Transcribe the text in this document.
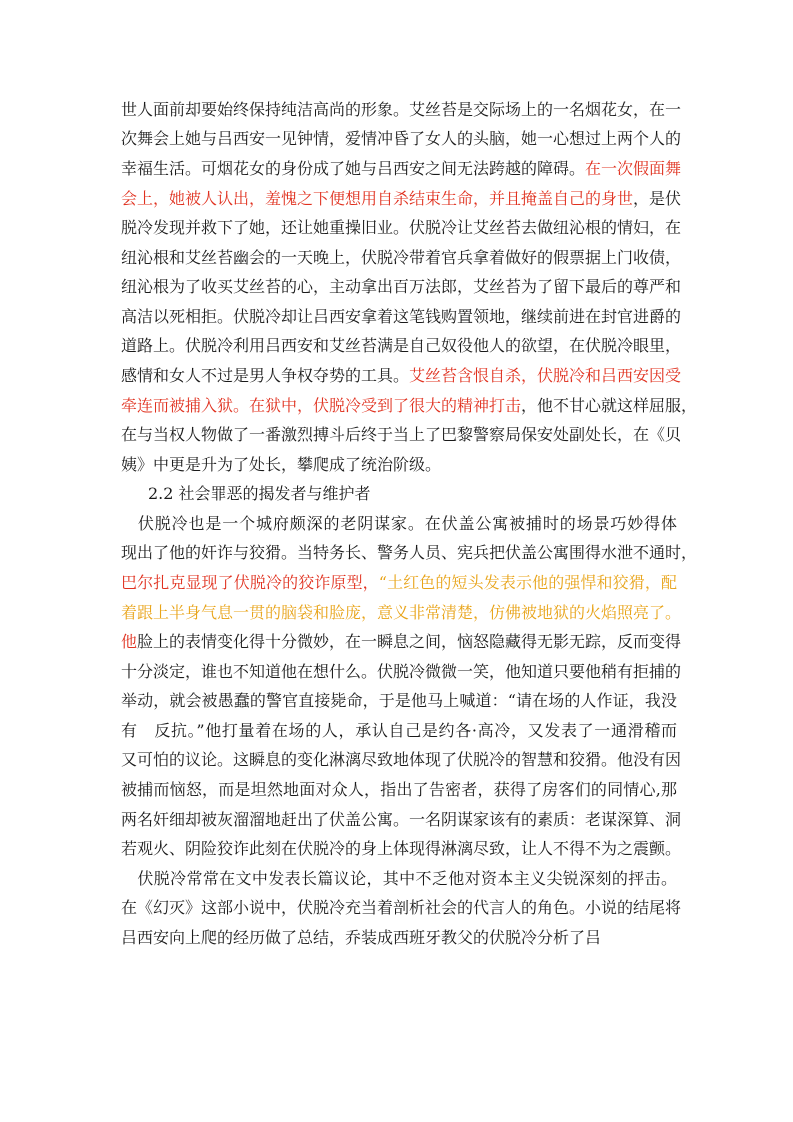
世人面前却要始终保持纯洁高尚的形象。艾丝苔是交际场上的一名烟花女，在一
次舞会上她与吕西安一见钟情，爱情冲昏了女人的头脑，她一心想过上两个人的
幸福生活。可烟花女的身份成了她与吕西安之间无法跨越的障碍。在一次假面舞
会上，她被人认出，羞愧之下便想用自杀结束生命，并且掩盖自己的身世，是伏
脱冷发现并救下了她，还让她重操旧业。伏脱冷让艾丝苔去做纽沁根的情妇，在
纽沁根和艾丝苔幽会的一天晚上，伏脱冷带着官兵拿着做好的假票据上门收债，
纽沁根为了收买艾丝苔的心，主动拿出百万法郎，艾丝苔为了留下最后的尊严和
高洁以死相拒。伏脱冷却让吕西安拿着这笔钱购置领地，继续前进在封官进爵的
道路上。伏脱冷利用吕西安和艾丝苔满是自己奴役他人的欲望，在伏脱冷眼里，
感情和女人不过是男人争权夺势的工具。艾丝苔含恨自杀，伏脱冷和吕西安因受
牵连而被捕入狱。在狱中，伏脱冷受到了很大的精神打击，他不甘心就这样屈服，
在与当权人物做了一番激烈搏斗后终于当上了巴黎警察局保安处副处长，在《贝
姨》中更是升为了处长，攀爬成了统治阶级。
2.2 社会罪恶的揭发者与维护者
　伏脱冷也是一个城府颇深的老阴谋家。在伏盖公寓被捕时的场景巧妙得体
现出了他的奸诈与狡猾。当特务长、警务人员、宪兵把伏盖公寓围得水泄不通时，
巴尔扎克显现了伏脱冷的狡诈原型，“土红色的短头发表示他的强悍和狡猾，配
着跟上半身气息一贯的脑袋和脸庞，意义非常清楚，仿佛被地狱的火焰照亮了。
他脸上的表情变化得十分微妙，在一瞬息之间，恼怒隐藏得无影无踪，反而变得
十分淡定，谁也不知道他在想什么。伏脱冷微微一笑，他知道只要他稍有拒捕的
举动，就会被愚蠢的警官直接毙命，于是他马上喊道：“请在场的人作证，我没
有　反抗。”他打量着在场的人，承认自己是约各·高冷，又发表了一通滑稽而
又可怕的议论。这瞬息的变化淋漓尽致地体现了伏脱冷的智慧和狡猾。他没有因
被捕而恼怒，而是坦然地面对众人，指出了告密者，获得了房客们的同情心,那
两名奸细却被灰溜溜地赶出了伏盖公寓。一名阴谋家该有的素质：老谋深算、洞
若观火、阴险狡诈此刻在伏脱冷的身上体现得淋漓尽致，让人不得不为之震颤。
　伏脱冷常常在文中发表长篇议论，其中不乏他对资本主义尖锐深刻的抨击。
在《幻灭》这部小说中，伏脱冷充当着剖析社会的代言人的角色。小说的结尾将
吕西安向上爬的经历做了总结，乔装成西班牙教父的伏脱冷分析了吕
